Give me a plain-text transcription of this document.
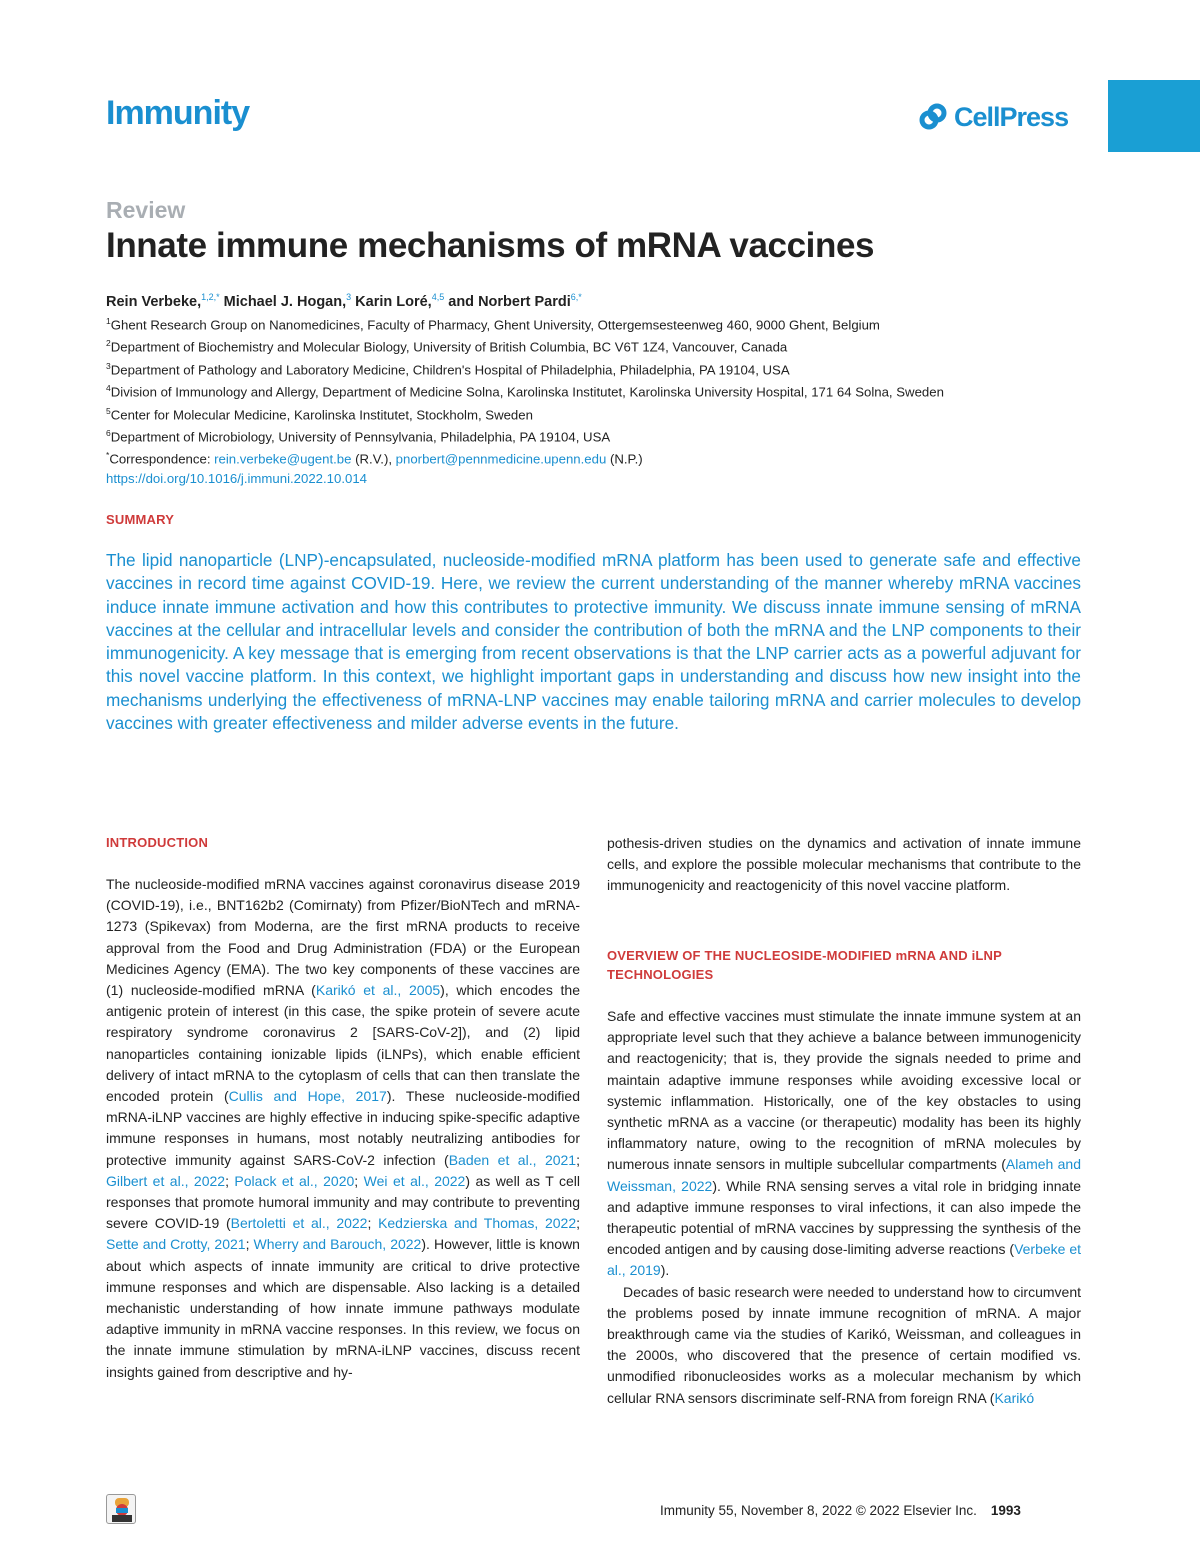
Immunity	CellPress
Review
Innate immune mechanisms of mRNA vaccines
Rein Verbeke,$^{1,2,*}$ Michael J. Hogan,$^3$ Karin Loré,$^{4,5}$ and Norbert Pardi$^{6,*}$
$^1$Ghent Research Group on Nanomedicines, Faculty of Pharmacy, Ghent University, Ottergemsesteenweg 460, 9000 Ghent, Belgium
$^2$Department of Biochemistry and Molecular Biology, University of British Columbia, BC V6T 1Z4, Vancouver, Canada
$^3$Department of Pathology and Laboratory Medicine, Children's Hospital of Philadelphia, Philadelphia, PA 19104, USA
$^4$Division of Immunology and Allergy, Department of Medicine Solna, Karolinska Institutet, Karolinska University Hospital, 171 64 Solna, Sweden
$^5$Center for Molecular Medicine, Karolinska Institutet, Stockholm, Sweden
$^6$Department of Microbiology, University of Pennsylvania, Philadelphia, PA 19104, USA
*Correspondence: rein.verbeke@ugent.be (R.V.), pnorbert@pennmedicine.upenn.edu (N.P.)
https://doi.org/10.1016/j.immuni.2022.10.014
SUMMARY

The lipid nanoparticle (LNP)-encapsulated, nucleoside-modified mRNA platform has been used to generate safe and effective vaccines in record time against COVID-19. Here, we review the current understanding of the manner whereby mRNA vaccines induce innate immune activation and how this contributes to protective immunity. We discuss innate immune sensing of mRNA vaccines at the cellular and intracellular levels and consider the contribution of both the mRNA and the LNP components to their immunogenicity. A key message that is emerging from recent observations is that the LNP carrier acts as a powerful adjuvant for this novel vaccine platform. In this context, we highlight important gaps in understanding and discuss how new insight into the mechanisms underlying the effectiveness of mRNA-LNP vaccines may enable tailoring mRNA and carrier molecules to develop vaccines with greater effectiveness and milder adverse events in the future.

INTRODUCTION

The nucleoside-modified mRNA vaccines against coronavirus disease 2019 (COVID-19), i.e., BNT162b2 (Comirnaty) from Pfizer/BioNTech and mRNA-1273 (Spikevax) from Moderna, are the first mRNA products to receive approval from the Food and Drug Administration (FDA) or the European Medicines Agency (EMA). The two key components of these vaccines are (1) nucleoside-modified mRNA (Karikó et al., 2005), which encodes the antigenic protein of interest (in this case, the spike protein of severe acute respiratory syndrome coronavirus 2 [SARS-CoV-2]), and (2) lipid nanoparticles containing ionizable lipids (iLNPs), which enable efficient delivery of intact mRNA to the cytoplasm of cells that can then translate the encoded protein (Cullis and Hope, 2017). These nucleoside-modified mRNA-iLNP vaccines are highly effective in inducing spike-specific adaptive immune responses in humans, most notably neutralizing antibodies for protective immunity against SARS-CoV-2 infection (Baden et al., 2021; Gilbert et al., 2022; Polack et al., 2020; Wei et al., 2022) as well as T cell responses that promote humoral immunity and may contribute to preventing severe COVID-19 (Bertoletti et al., 2022; Kedzierska and Thomas, 2022; Sette and Crotty, 2021; Wherry and Barouch, 2022). However, little is known about which aspects of innate immunity are critical to drive protective immune responses and which are dispensable. Also lacking is a detailed mechanistic understanding of how innate immune pathways modulate adaptive immunity in mRNA vaccine responses. In this review, we focus on the innate immune stimulation by mRNA-iLNP vaccines, discuss recent insights gained from descriptive and hy-

pothesis-driven studies on the dynamics and activation of innate immune cells, and explore the possible molecular mechanisms that contribute to the immunogenicity and reactogenicity of this novel vaccine platform.

OVERVIEW OF THE NUCLEOSIDE-MODIFIED mRNA AND iLNP TECHNOLOGIES

Safe and effective vaccines must stimulate the innate immune system at an appropriate level such that they achieve a balance between immunogenicity and reactogenicity; that is, they provide the signals needed to prime and maintain adaptive immune responses while avoiding excessive local or systemic inflammation. Historically, one of the key obstacles to using synthetic mRNA as a vaccine (or therapeutic) modality has been its highly inflammatory nature, owing to the recognition of mRNA molecules by numerous innate sensors in multiple subcellular compartments (Alameh and Weissman, 2022). While RNA sensing serves a vital role in bridging innate and adaptive immune responses to viral infections, it can also impede the therapeutic potential of mRNA vaccines by suppressing the synthesis of the encoded antigen and by causing dose-limiting adverse reactions (Verbeke et al., 2019).

Decades of basic research were needed to understand how to circumvent the problems posed by innate immune recognition of mRNA. A major breakthrough came via the studies of Karikó, Weissman, and colleagues in the 2000s, who discovered that the presence of certain modified vs. unmodified ribonucleosides works as a molecular mechanism by which cellular RNA sensors discriminate self-RNA from foreign RNA (Karikó

Immunity 55, November 8, 2022 © 2022 Elsevier Inc. 1993
